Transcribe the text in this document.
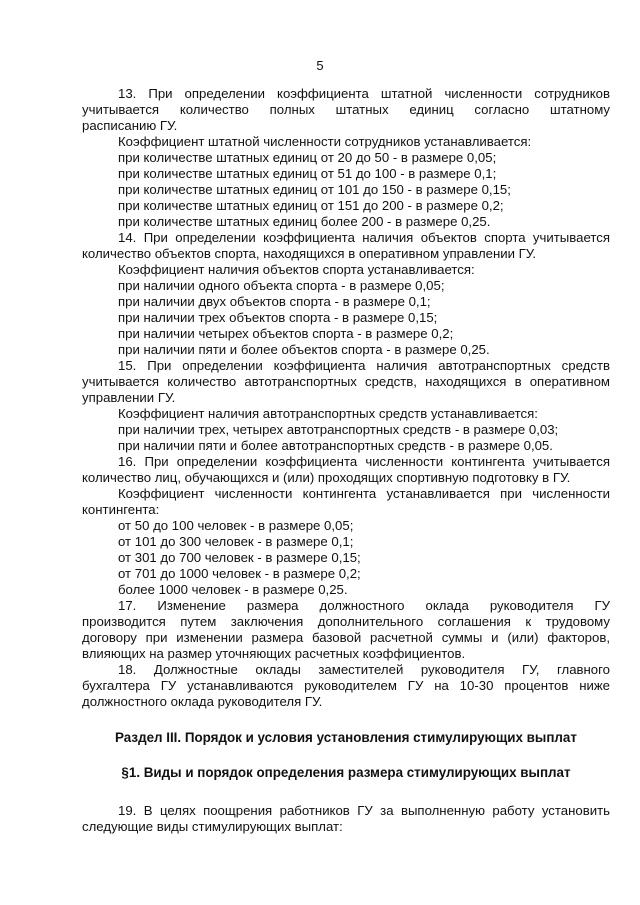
5

13. При определении коэффициента штатной численности сотрудников

учитывается количество полных штатных единиц согласно штатному

расписанию ГУ.

Коэффициент штатной численности сотрудников устанавливается:

при количестве штатных единиц от 20 до 50 - в размере 0,05;

при количестве штатных единиц от 51 до 100 - в размере 0,1;

при количестве штатных единиц от 101 до 150 - в размере 0,15;

при количестве штатных единиц от 151 до 200 - в размере 0,2;

при количестве штатных единиц более 200 - в размере 0,25.

14. При определении коэффициента наличия объектов спорта учитывается

количество объектов спорта, находящихся в оперативном управлении ГУ.

Коэффициент наличия объектов спорта устанавливается:

при наличии одного объекта спорта - в размере 0,05;

при наличии двух объектов спорта - в размере 0,1;

при наличии трех объектов спорта - в размере 0,15;

при наличии четырех объектов спорта - в размере 0,2;

при наличии пяти и более объектов спорта - в размере 0,25.

15. При определении коэффициента наличия автотранспортных средств

учитывается количество автотранспортных средств, находящихся в оперативном

управлении ГУ.

Коэффициент наличия автотранспортных средств устанавливается:

при наличии трех, четырех автотранспортных средств - в размере 0,03;

при наличии пяти и более автотранспортных средств - в размере 0,05.

16. При определении коэффициента численности контингента учитывается

количество лиц, обучающихся и (или) проходящих спортивную подготовку в ГУ.

Коэффициент численности контингента устанавливается при численности

контингента:

от 50 до 100 человек - в размере 0,05;

от 101 до 300 человек - в размере 0,1;

от 301 до 700 человек - в размере 0,15;

от 701 до 1000 человек - в размере 0,2;

более 1000 человек - в размере 0,25.

17. Изменение размера должностного оклада руководителя ГУ

производится путем заключения дополнительного соглашения к трудовому

договору при изменении размера базовой расчетной суммы и (или) факторов,

влияющих на размер уточняющих расчетных коэффициентов.

18. Должностные оклады заместителей руководителя ГУ, главного

бухгалтера ГУ устанавливаются руководителем ГУ на 10-30 процентов ниже

должностного оклада руководителя ГУ.

Раздел III. Порядок и условия установления стимулирующих выплат

§1. Виды и порядок определения размера стимулирующих выплат

19. В целях поощрения работников ГУ за выполненную работу установить

следующие виды стимулирующих выплат:
